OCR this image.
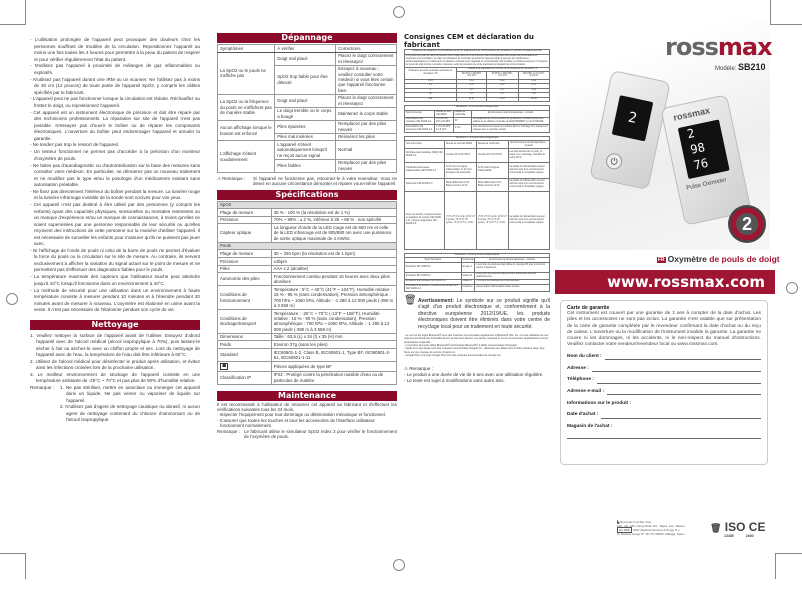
- L'utilisation prolongée de l'appareil peut provoquer des douleurs chez les personnes souffrant de troubles de la circulation. Repositionnez l'appareil au moins une fois toutes les 4 heures pour permettre à la peau du patient de respirer et pour vérifier régulièrement l'état du patient.

- N'utilisez pas l'appareil à proximité de mélanges de gaz inflammables ou explosifs.

- N'utilisez pas l'appareil durant une IRM ou un scanner. Ne l'utilisez pas à moins de 30 cm (12 pouces) de toute partie de l'appareil SpO2, y compris les câbles spécifiés par le fabricant.

- L'appareil peut ne pas fonctionner lorsque la circulation est réduite. Réchauffez ou frottez le doigt, ou repositionnez l'appareil.

- Cet appareil est un instrument électronique de précision et doit être réparé par des techniciens professionnels. La réparation sur site de l'appareil n'est pas possible. N'essayez pas d'ouvrir le boîtier ou de réparer les composants électroniques. L'ouverture du boîtier peut endommager l'appareil et annuler la garantie.

- Ne tendez pas trop le ressort de l'appareil.

- Un testeur fonctionnel ne permet pas d'accéder à la précision d'un moniteur d'oxymètre de pouls.

- Ne faites pas d'autodiagnostic ou d'automédication sur la base des mesures sans consulter votre médecin. En particulier, ne démarrez pas un nouveau traitement et ne modifiez pas le type et/ou la posologie d'un médicament existant sans autorisation préalable.

- Ne fixez pas directement l'intérieur du boîtier pendant la mesure. La lumière rouge et la lumière infrarouge invisible de la sonde sont nocives pour vos yeux.

- Cet appareil n'est pas destiné à être utilisé par des personnes (y compris les enfants) ayant des capacités physiques, sensorielles ou mentales restreintes ou un manque d'expérience et/ou un manque de connaissances, à moins qu'elles ne soient supervisées par une personne responsable de leur sécurité ou qu'elles reçoivent des instructions de cette personne sur la manière d'utiliser l'appareil. Il est nécessaire de surveiller les enfants pour s'assurer qu'ils ne puissent pas jouer avec.

- Ni l'affichage de l'onde de pouls ni celui de la barre de pouls ne permet d'évaluer la force du pouls ou la circulation sur le site de mesure. Au contraire, ils servent exclusivement à afficher la variation du signal actuel sur le point de mesure et ne permettent pas d'effectuer des diagnostics fiables pour le pouls.

- La température maximale des capteurs que l'utilisateur touche peut atteindre jusqu'à 43°C lorsqu'il fonctionne dans un environnement à 40°C.

- La méthode de sécurité pour une utilisation dans un environnement à haute température consiste à mesurer pendant 10 minutes et à l'éteindre pendant 20 minutes avant de mesurer à nouveau. L'oxymètre est étalonné en usine avant la vente. Il n'est pas nécessaire de l'étalonner pendant son cycle de vie.

Nettoyage

1. Veuillez nettoyer la surface de l'appareil avant de l'utiliser. Essuyez d'abord l'appareil avec de l'alcool médical (alcool isopropylique à 70%), puis laissez-le sécher à l'air ou séchez-le avec un chiffon propre et sec. Lors du nettoyage de l'appareil avec de l'eau, la température de l'eau doit être inférieure à 60°C.

2. Utilisez de l'alcool médical pour désinfecter le produit après utilisation, et évitez ainsi les infections croisées lors de la prochaine utilisation.

3. Le meilleur environnement de stockage de l'appareil consiste en une température ambiante de -25°C ~ 70°C et pas plus de 90% d'humidité relative.

Remarque :	1. Ne pas stériliser, mettre en autoclave ou immerger cet appareil dans un liquide. Ne pas verser ou vaporiser de liquide sur l'appareil.

2. N'utilisez pas d'agent de nettoyage caustique ou abrasif, ni aucun agent de nettoyage contenant du chlorure d'ammonium ou de l'alcool isopropylique.

Dépannage
Symptômes	À vérifier	Corrections
La SpO2 ou le pouls ne s'affiche pas	Doigt mal placé	Placez le doigt correctement et réessayez
	SpO2 trop faible pour être détecté	Essayez à nouveau ; veuillez consulter votre médecin si vous êtes certain que l'appareil fonctionne bien
La SpO2 ou la fréquence du pouls ne s'affichent pas de manière stable	Doigt mal placé	Placez le doigt correctement et réessayez
	Le doigt tremble ou le corps a bougé	Maintenez le corps stable
Aucun affichage lorsque le bouton est enfoncé	Piles épuisées	Remplacez par des piles neuves
	Piles mal insérées	Réinsérez les piles
L'affichage s'éteint soudainement	L'appareil s'éteint automatiquement lorsqu'il ne reçoit aucun signal	Normal
	Piles faibles	Remplacez par des piles neuves
⚠ Remarque :	Si l'appareil ne fonctionne pas, retournez-le à votre revendeur. Vous ne devez en aucune circonstance démonter et réparer vous-même l'appareil.
Spécifications
SpO2	
Plage de mesure	35 % - 100 % (la résolution est de 1 %)
Précision	70% ~ 99% : ± 2 %, inférieur à 35 ~ 69 % : non spécifié
Capteur optique	La longueur d'onde de la LED rouge est de 660 nm et celle de la LED infrarouge est de 905/880 nm avec une puissance de sortie optique maximale de 4 mW/sr.
Pouls	
Plage de mesure	30 ~ 250 bpm (la résolution est de 1 bpm)
Précision	±3bpm
Piles	AAA x 2 (alcaline)
Autonomie des piles	Fonctionnement continu pendant 16 heures avec deux piles alcalines
Conditions de fonctionnement	Température : 5°C ~ 40°C (41°F ~ 104°F), Humidité relative : 15 % - 95 % (sans condensation), Pression atmosphérique : 700 hPa ~ 1060 hPa, Altitude : -1 280 à 12 000 pieds (-390 m à 3 658 m)
Conditions de stockage/transport	Température : -25°C ~ 70°C (-13°F ~ 158°F), Humidité relative : 15 % - 90 % (sans condensation), Pression atmosphérique : 700 hPa ~ 1060 hPa, Altitude : -1 280 à 12 000 pieds (-390 m à 3 658 m)
Dimensions	Taille : 63,5 (L) x 34 (l) x 35 (H) mm
Poids	Environ 37g (sans les piles)
Standard	IEC60601-1-2, Class B, IEC60601-1, Type BF, ISO80601-2-61, IEC60601-1-11
☗	Pièces appliquées de type BF
Classification IP	IP22 : Protégé contre la pénétration nuisible d'eau ou de particules de matière
Maintenance

Il est recommandé à l'utilisateur de retourner cet appareil au fabricant et d'effectuer les vérifications suivantes tous les 24 mois.

- Inspecter l'équipement pour tout dommage ou détérioration mécanique et fonctionnel.

- S'assurer que toutes les touches et tous les accessoires de l'interface utilisateur fonctionnent normalement.

Remarque : Le fabricant utilise le simulateur SpO2 Index 2 pour vérifier le fonctionnement de l'oxymètre de pouls.
Consignes CEM et déclaration du fabricant
Distances de séparation recommandées entre les équipements de communication RF portables et mobiles et l'équipement ME			
L'oxymètre de pouls de doigt est destiné à être utilisé dans un environnement électromagnétique dans lequel les perturbations RF rayonnées sont contrôlées. Le client ou l'utilisateur de l'oxymètre de pouls de doigt peut aider à prévenir les interférences électromagnétiques en maintenant une distance minimale entre l'appareil de communication RF portable ou mobile (émetteur) et l'oxymètre de pouls de doigt comme conseillé ci-dessous, selon la puissance de sortie maximale de l'appareil de communication.			
Puissance de sortie nominale maximale de l'émetteur / W	Distance de séparation en fonction de la fréquence de l'émetteur / m		
	150 kHz to 80 MHz, d=1,2√P	80 MHz to 800 MHz, d=1,2√P	800 MHz to 2,5 GHz, d=2,3√P
0,01	0,12	0,12	0,23
0,1	0,37	0,37	0,74
1	1,17	1,17	2,33
10	3,7	3,7	7,37
100	11,67	11,67	23,33
Déclaration - immunité électromagnétique			
Test d'immunité	Niveau de test CEI 60601	Niveau de conformité	Environnement électromagnétique - conseils
Perturbations RF conduites CEI 61000-4-6	3 Vrms 150 kHz à 80 MHz	3V	Les appareils de communication RF portables et mobiles doivent être utilisés à une distance minimale de l'ÉQUIPEMENT ou du SYSTÈME.
Perturbations RF rayonnées CEI 61000-4-3	3 V/m 80 MHz à 2,5 GHz	3 V/m	Des interférences peuvent se produire dans le voisinage d'un équipement marqué avec le symbole suivant.
Déclaration - immunité électromagnétique			
Test d'immunité	Niveau de test CEI 60601	Niveau de conformité	Environnement électromagnétique - conseils
Décharge électrostatique (DES) CEI 61000-4-2	Contact ±6 kV Air ±8 kV	Contact ±6 kV Air ±8 kV	Les sols doivent être en bois, en béton ou en carrelage. Humidité au moins 30 %.
Transitoires électriques rapides/salves CEI 61000-4-4	±2 kV pour les lignes d'alimentation ±1 kV pour les lignes d'entrée/sortie	±2 kV pour les lignes d'alimentation	La qualité de l'alimentation secteur doit être celle d'un environnement commercial ou hospitalier typique.
Surtension CEI 61000-4-5	Mode différentiel ±1 kV Mode commun ±2 kV	Mode différentiel ±1 kV Mode commun ±2 kV	La qualité de l'alimentation secteur doit être celle d'un environnement commercial ou hospitalier typique.
Creux de tension, coupures brèves et variations de tension CEI 61000-4-11 / Champ magnétique CEI 61000-4-8	<5 % UT 0,5 cycle; 40 % UT 5 cycles; 70 % UT 25 cycles; <5 % UT 5 s; 3 A/m	<5 % UT 0,5 cycle; 40 % UT 5 cycles; 70 % UT 25 cycles; <5 % UT 5 s; 3 A/m	La qualité de l'alimentation secteur doit être celle d'un environnement commercial ou hospitalier typique.
Déclaration - émissions électromagnétiques		
Tests d'émission	Conformité	Environnement électromagnétique - conseils
Émissions RF CISPR 11	Groupe 1	L'oxymètre de pouls de doigt utilise de l'énergie RF pour sa fonction interne uniquement.
Émissions RF CISPR 11	Classe B	L'oxymètre de pouls de doigt peut être utilisé dans tous les établissements.
Émissions harmoniques CEI 61000-3-2	Classe A	y compris les établissements domestiques.
Fluctuations de tension / émissions de scintillement CEI 61000-3-3	Conforme	réseau public d'alimentation basse tension.
🗑 Avertissement: Le symbole sur ce produit signifie qu'il s'agit d'un produit électronique et, conformément à la directive européenne 2012/19/UE, les produits électroniques doivent être éliminés dans votre centre de recyclage local pour un traitement en toute sécurité.

- Le nom et les logos Bluetooth® sont des marques commerciales appartenant à Bluetooth SIG, Inc. et toute utilisation de ces marques par Rossmax International Ltd. se fait sous licence. Les autres marques et noms commerciaux appartiennent à leurs propriétaires respectifs.

- L'oxymètre de pouls utilise Bluetooth® (technologie Bluetooth® à faible consommation d'énergie)

- Apple et le logo Apple sont des marques commerciales d'Apple Inc., déposées aux États-Unis et dans d'autres pays. App Store est une marque de service d'Apple Inc.

- Google Play et le logo Google Play sont des marques commerciales de Google Inc.

⚠ Remarque :

- Le produit a une durée de vie de 5 ans avec une utilisation régulière.

- Le texte est sujet à modifications sans autre avis.

rossmax
Modèle: SB210
2
⏻
rossmax
2
98
76
Pulse Oximeter
2
FR Oxymètre de pouls de doigt
www.rossmax.com
Carte de garantie

Cet instrument est couvert par une garantie de 2 ans à compter de la date d'achat. Les piles et les accessoires ne sont pas inclus. La garantie n'est valable que sur présentation de la carte de garantie complétée par le revendeur confirmant la date d'achat ou du reçu de caisse. L'ouverture ou la modification de l'instrument invalide la garantie. La garantie ne couvre ni les dommages, ni les accidents, ni le non-respect du manuel d'instructions. Veuillez contacter votre vendeur/revendeur local ou www.rossmax.com.

Nom du client :
Adresse :
Téléphone :
Adresse e-mail :
Informations sur le produit :
Date d'achat :
Magasin de l'achat :

▙ Rossmax InnoTek Corp.

12F., No. 189, Kang Chien Rd., Taipei, 114, Taiwan.

EC REP ORC Medical Devices & Drugs S.L.

C/ Horacio Lengo Nº 18, CP 29006, Málaga, Spain

🗑 ISO CE
13485	2460
